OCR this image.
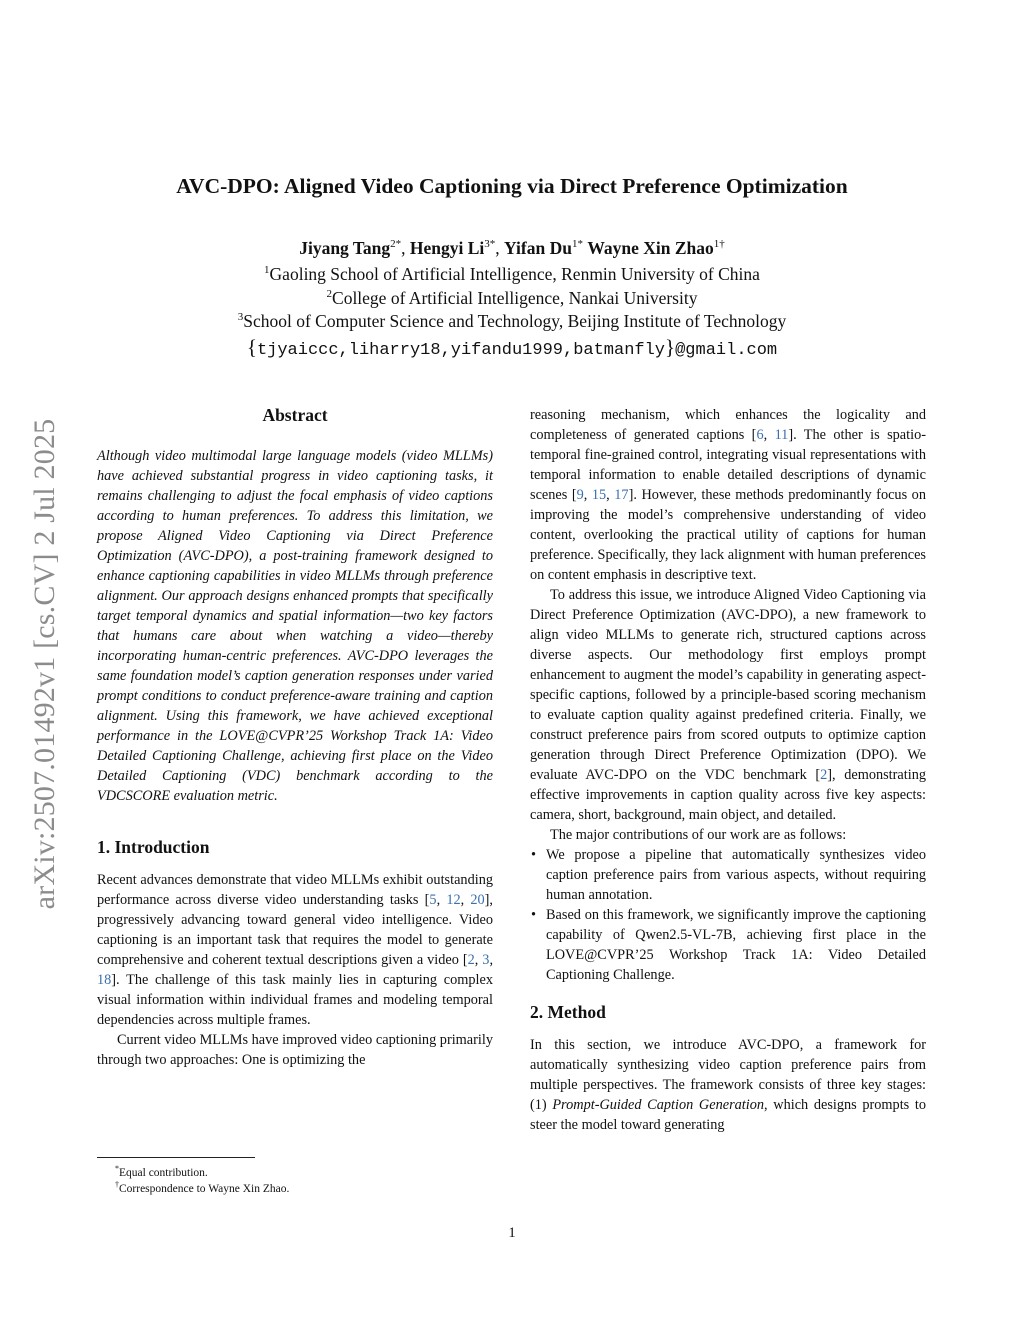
arXiv:2507.01492v1 [cs.CV] 2 Jul 2025
AVC-DPO: Aligned Video Captioning via Direct Preference Optimization
Jiyang Tang$^{2*}$, Hengyi $Li^{3*}$, Yifan $Du^{1*}$ Wayne Xin Zhao$^{1\dagger}$
$^1$Gaoling School of Artificial Intelligence, Renmin University of China
$^2$College of Artificial Intelligence, Nankai University
$^3$School of Computer Science and Technology, Beijing Institute of Technology
{tjyaiccc,liharry18,yifandu1999,batmanfly}@gmail.com
Abstract

Although video multimodal large language models (video MLLMs) have achieved substantial progress in video captioning tasks, it remains challenging to adjust the focal emphasis of video captions according to human preferences. To address this limitation, we propose Aligned Video Captioning via Direct Preference Optimization (AVC-DPO), a post-training framework designed to enhance captioning capabilities in video MLLMs through preference alignment. Our approach designs enhanced prompts that specifically target temporal dynamics and spatial information—two key factors that humans care about when watching a video—thereby incorporating human-centric preferences. AVC-DPO leverages the same foundation model’s caption generation responses under varied prompt conditions to conduct preference-aware training and caption alignment. Using this framework, we have achieved exceptional performance in the LOVE@CVPR’25 Workshop Track 1A: Video Detailed Captioning Challenge, achieving first place on the Video Detailed Captioning (VDC) benchmark according to the VDCSCORE evaluation metric.

1. Introduction

Recent advances demonstrate that video MLLMs exhibit outstanding performance across diverse video understanding tasks [5, 12, 20], progressively advancing toward general video intelligence. Video captioning is an important task that requires the model to generate comprehensive and coherent textual descriptions given a video [2, 3, 18]. The challenge of this task mainly lies in capturing complex visual information within individual frames and modeling temporal dependencies across multiple frames.

Current video MLLMs have improved video captioning primarily through two approaches: One is optimizing the

reasoning mechanism, which enhances the logicality and completeness of generated captions [6, 11]. The other is spatio-temporal fine-grained control, integrating visual representations with temporal information to enable detailed descriptions of dynamic scenes [9, 15, 17]. However, these methods predominantly focus on improving the model’s comprehensive understanding of video content, overlooking the practical utility of captions for human preference. Specifically, they lack alignment with human preferences on content emphasis in descriptive text.

To address this issue, we introduce Aligned Video Captioning via Direct Preference Optimization (AVC-DPO), a new framework to align video MLLMs to generate rich, structured captions across diverse aspects. Our methodology first employs prompt enhancement to augment the model’s capability in generating aspect-specific captions, followed by a principle-based scoring mechanism to evaluate caption quality against predefined criteria. Finally, we construct preference pairs from scored outputs to optimize caption generation through Direct Preference Optimization (DPO). We evaluate AVC-DPO on the VDC benchmark [2], demonstrating effective improvements in caption quality across five key aspects: camera, short, background, main object, and detailed.

The major contributions of our work are as follows:

• We propose a pipeline that automatically synthesizes video caption preference pairs from various aspects, without requiring human annotation.
• Based on this framework, we significantly improve the captioning capability of Qwen2.5-VL-7B, achieving first place in the LOVE@CVPR’25 Workshop Track 1A: Video Detailed Captioning Challenge.
2. Method

In this section, we introduce AVC-DPO, a framework for automatically synthesizing video caption preference pairs from multiple perspectives. The framework consists of three key stages: (1) Prompt-Guided Caption Generation, which designs prompts to steer the model toward generating

*Equal contribution.
†Correspondence to Wayne Xin Zhao.
1
